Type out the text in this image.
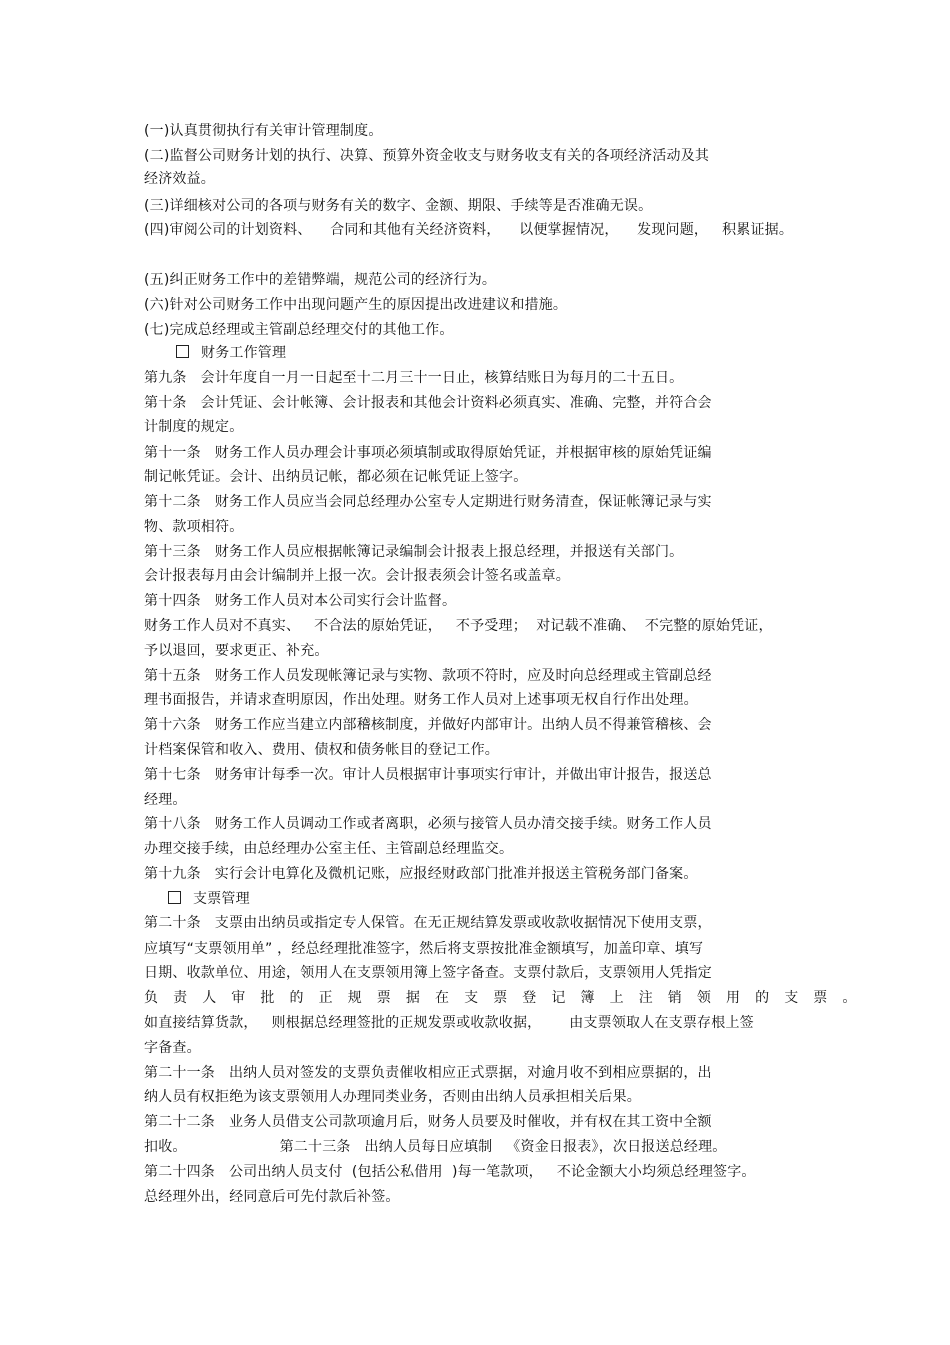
(一)认真贯彻执行有关审计管理制度。
(二)监督公司财务计划的执行、决算、预算外资金收支与财务收支有关的各项经济活动及其
经济效益。
(三)详细核对公司的各项与财务有关的数字、金额、期限、手续等是否准确无误。
(四)审阅公司的计划资料、    合同和其他有关经济资料，    以便掌握情况，    发现问题，   积累证据。
(五)纠正财务工作中的差错弊端，规范公司的经济行为。
(六)针对公司财务工作中出现问题产生的原因提出改进建议和措施。
(七)完成总经理或主管副总经理交付的其他工作。
财务工作管理
第九条   会计年度自一月一日起至十二月三十一日止，核算结账日为每月的二十五日。
第十条   会计凭证、会计帐簿、会计报表和其他会计资料必须真实、准确、完整，并符合会
计制度的规定。
第十一条   财务工作人员办理会计事项必须填制或取得原始凭证，并根据审核的原始凭证编
制记帐凭证。会计、出纳员记帐，都必须在记帐凭证上签字。
第十二条   财务工作人员应当会同总经理办公室专人定期进行财务清查，保证帐簿记录与实
物、款项相符。
第十三条   财务工作人员应根据帐簿记录编制会计报表上报总经理，并报送有关部门。
会计报表每月由会计编制并上报一次。会计报表须会计签名或盖章。
第十四条   财务工作人员对本公司实行会计监督。
财务工作人员对不真实、   不合法的原始凭证，   不予受理；  对记载不准确、  不完整的原始凭证，
予以退回，要求更正、补充。
第十五条   财务工作人员发现帐簿记录与实物、款项不符时，应及时向总经理或主管副总经
理书面报告，并请求查明原因，作出处理。财务工作人员对上述事项无权自行作出处理。
第十六条   财务工作应当建立内部稽核制度，并做好内部审计。出纳人员不得兼管稽核、会
计档案保管和收入、费用、债权和债务帐目的登记工作。
第十七条   财务审计每季一次。审计人员根据审计事项实行审计，并做出审计报告，报送总
经理。
第十八条   财务工作人员调动工作或者离职，必须与接管人员办清交接手续。财务工作人员
办理交接手续，由总经理办公室主任、主管副总经理监交。
第十九条   实行会计电算化及微机记账，应报经财政部门批准并报送主管税务部门备案。
支票管理
第二十条   支票由出纳员或指定专人保管。在无正规结算发票或收款收据情况下使用支票，
应填写“支票领用单” ，经总经理批准签字，然后将支票按批准金额填写，加盖印章、填写
日期、收款单位、用途，领用人在支票领用簿上签字备查。支票付款后，支票领用人凭指定
负责人审批的正规票据在支票登记簿上注销领用的支票。
如直接结算货款，   则根据总经理签批的正规发票或收款收据，      由支票领取人在支票存根上签
字备查。
第二十一条   出纳人员对签发的支票负责催收相应正式票据，对逾月收不到相应票据的，出
纳人员有权拒绝为该支票领用人办理同类业务，否则由出纳人员承担相关后果。
第二十二条   业务人员借支公司款项逾月后，财务人员要及时催收，并有权在其工资中全额
扣收。                    第二十三条   出纳人员每日应填制   《资金日报表》，次日报送总经理。
第二十四条   公司出纳人员支付  (包括公私借用  )每一笔款项，   不论金额大小均须总经理签字。
总经理外出，经同意后可先付款后补签。
